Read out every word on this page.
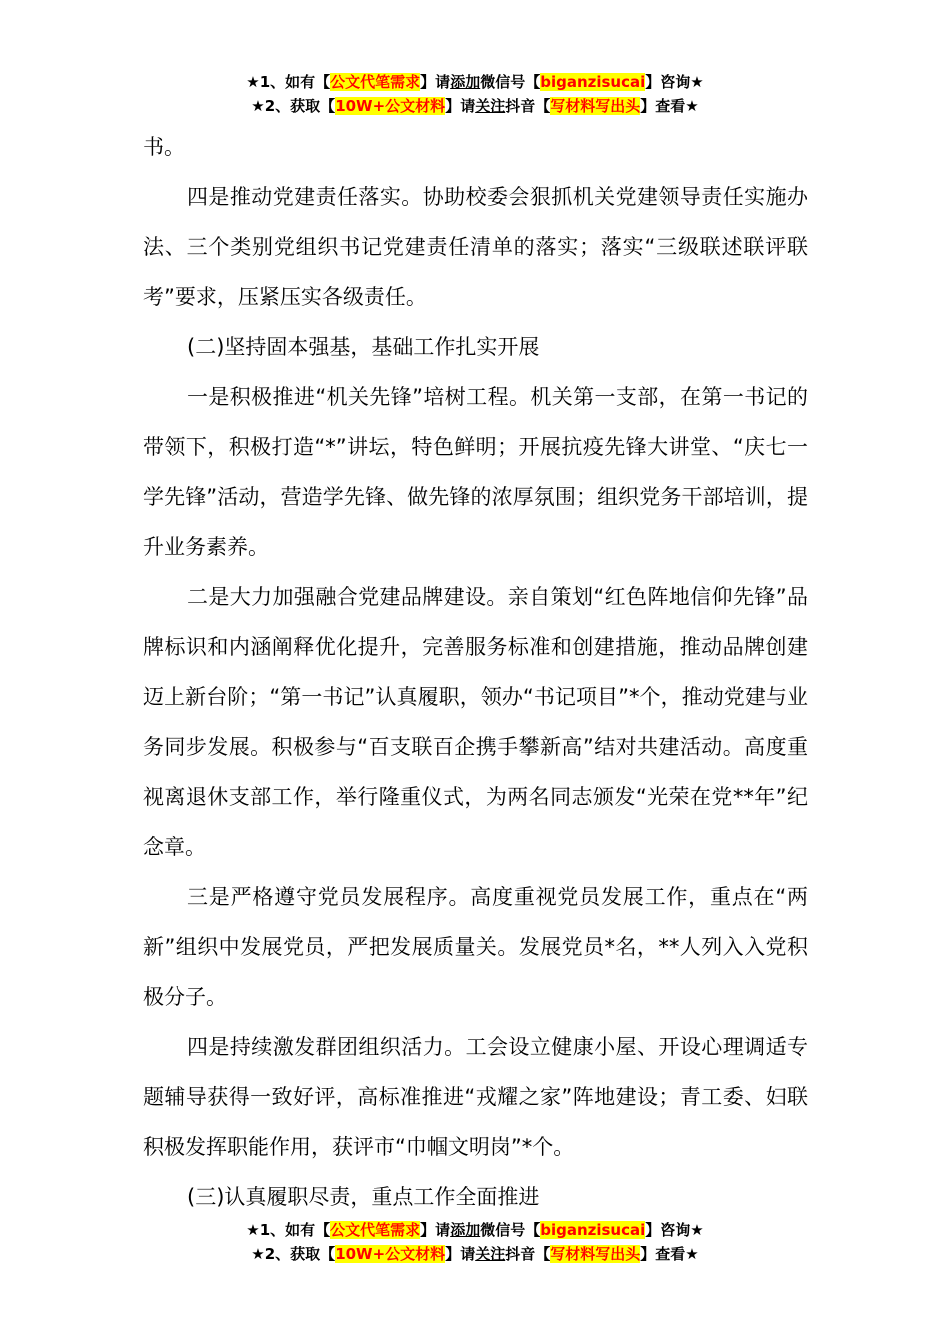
★1、如有【公文代笔需求】请添加微信号【biganzisucai】咨询★
★2、获取【10W+公文材料】请关注抖音【写材料写出头】查看★

书。

四是推动党建责任落实。协助校委会狠抓机关党建领导责任实施办法、三个类别党组织书记党建责任清单的落实；落实“三级联述联评联考”要求，压紧压实各级责任。

(二)坚持固本强基，基础工作扎实开展

一是积极推进“机关先锋”培树工程。机关第一支部，在第一书记的带领下，积极打造“*”讲坛，特色鲜明；开展抗疫先锋大讲堂、“庆七一学先锋”活动，营造学先锋、做先锋的浓厚氛围；组织党务干部培训，提升业务素养。

二是大力加强融合党建品牌建设。亲自策划“红色阵地信仰先锋”品牌标识和内涵阐释优化提升，完善服务标准和创建措施，推动品牌创建迈上新台阶；“第一书记”认真履职，领办“书记项目”*个，推动党建与业务同步发展。积极参与“百支联百企携手攀新高”结对共建活动。高度重视离退休支部工作，举行隆重仪式，为两名同志颁发“光荣在党**年”纪念章。

三是严格遵守党员发展程序。高度重视党员发展工作，重点在“两新”组织中发展党员，严把发展质量关。发展党员*名，**人列入入党积极分子。

四是持续激发群团组织活力。工会设立健康小屋、开设心理调适专题辅导获得一致好评，高标准推进“戎耀之家”阵地建设；青工委、妇联积极发挥职能作用，获评市“巾帼文明岗”*个。

(三)认真履职尽责，重点工作全面推进

★1、如有【公文代笔需求】请添加微信号【biganzisucai】咨询★
★2、获取【10W+公文材料】请关注抖音【写材料写出头】查看★
